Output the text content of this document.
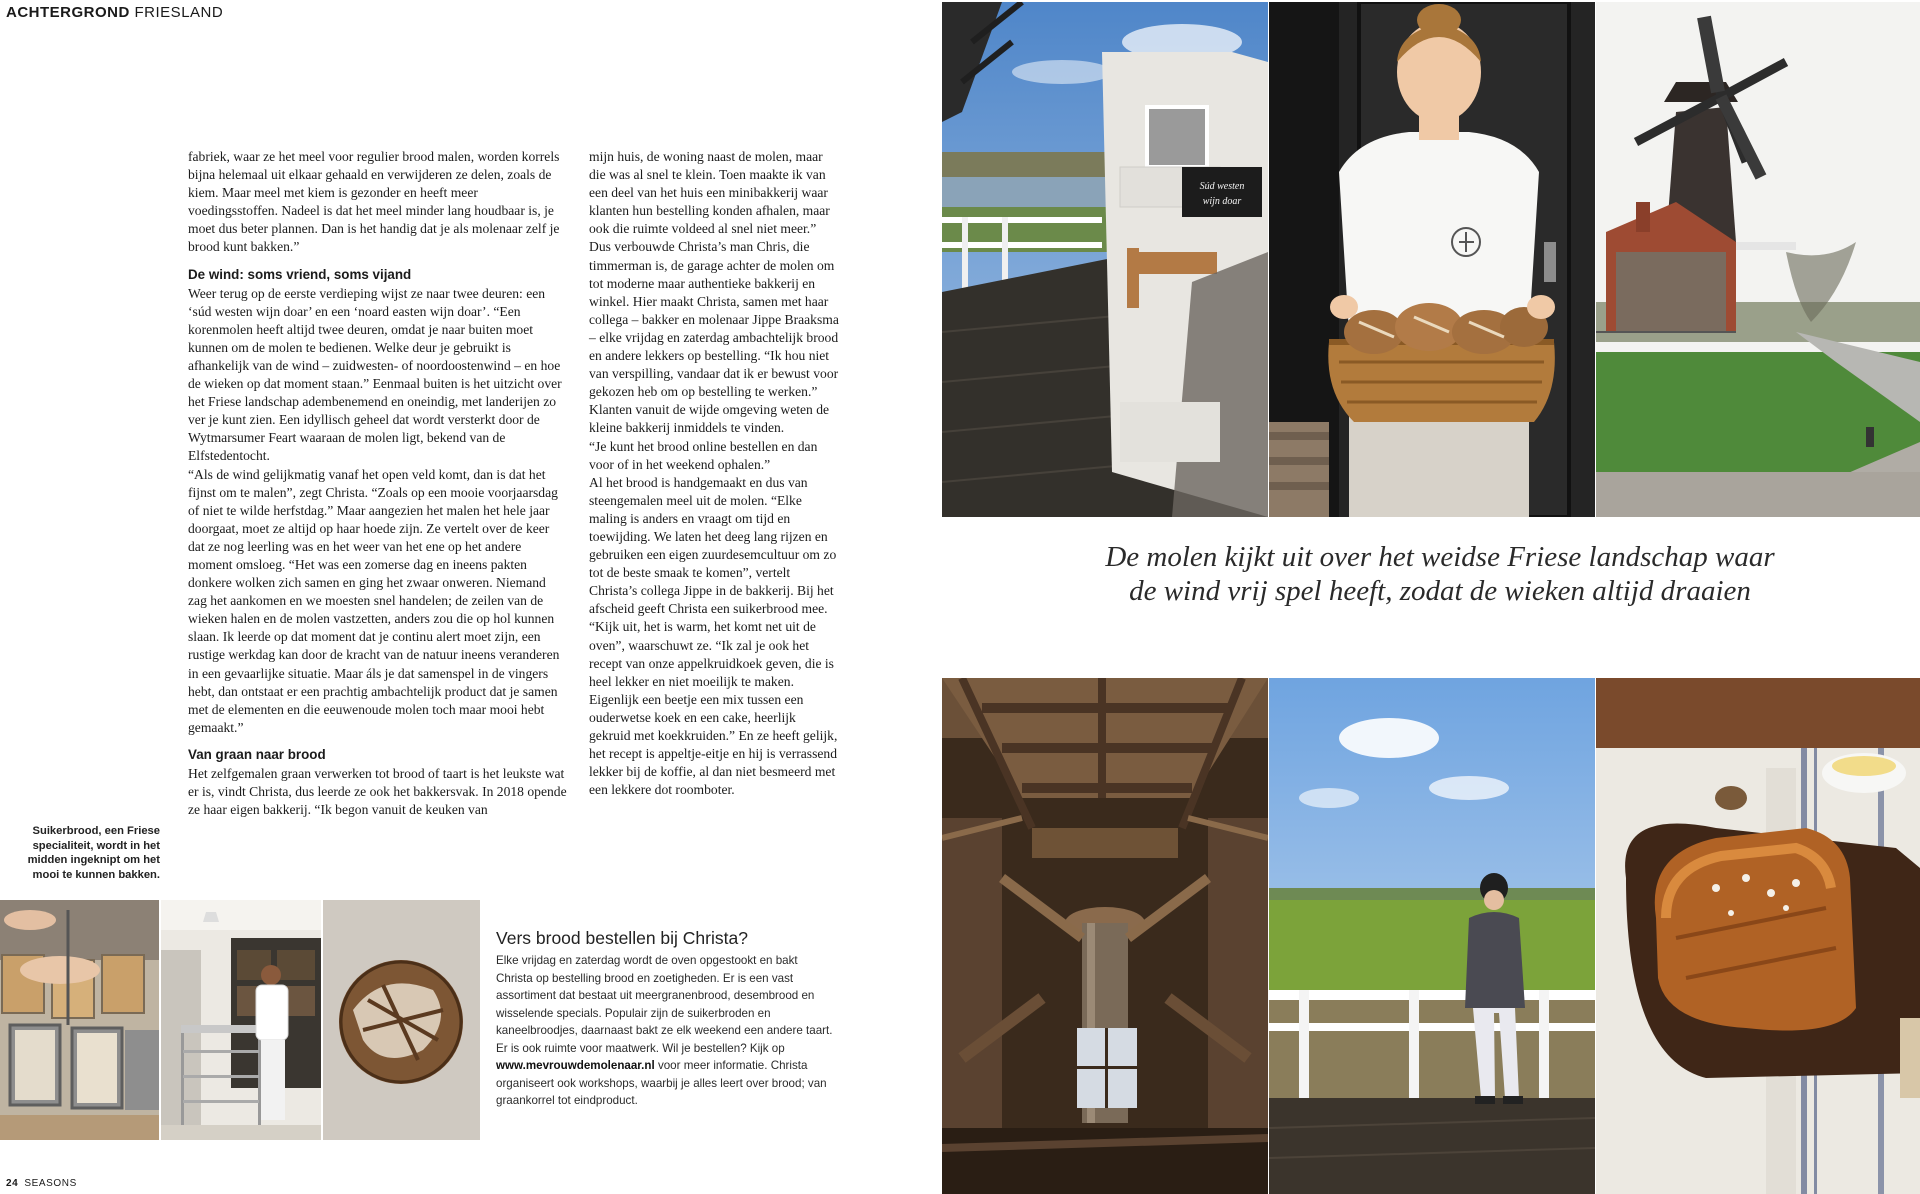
ACHTERGROND FRIESLAND

fabriek, waar ze het meel voor regulier brood malen, worden korrels bijna helemaal uit elkaar gehaald en verwijderen ze delen, zoals de kiem. Maar meel met kiem is gezonder en heeft meer voedingsstoffen. Nadeel is dat het meel minder lang houdbaar is, je moet dus beter plannen. Dan is het handig dat je als molenaar zelf je brood kunt bakken.”

De wind: soms vriend, soms vijand

Weer terug op de eerste verdieping wijst ze naar twee deuren: een ‘súd westen wijn doar’ en een ‘noard easten wijn doar’. “Een korenmolen heeft altijd twee deuren, omdat je naar buiten moet kunnen om de molen te bedienen. Welke deur je gebruikt is afhankelijk van de wind – zuidwesten- of noordoostenwind – en hoe de wieken op dat moment staan.” Eenmaal buiten is het uitzicht over het Friese landschap adembenemend en oneindig, met landerijen zo ver je kunt zien. Een idyllisch geheel dat wordt versterkt door de Wytmarsumer Feart waaraan de molen ligt, bekend van de Elfstedentocht.

“Als de wind gelijkmatig vanaf het open veld komt, dan is dat het fijnst om te malen”, zegt Christa. “Zoals op een mooie voorjaarsdag of niet te wilde herfstdag.” Maar aangezien het malen het hele jaar doorgaat, moet ze altijd op haar hoede zijn. Ze vertelt over de keer dat ze nog leerling was en het weer van het ene op het andere moment omsloeg. “Het was een zomerse dag en ineens pakten donkere wolken zich samen en ging het zwaar onweren. Niemand zag het aankomen en we moesten snel handelen; de zeilen van de wieken halen en de molen vastzetten, anders zou die op hol kunnen slaan. Ik leerde op dat moment dat je continu alert moet zijn, een rustige werkdag kan door de kracht van de natuur ineens veranderen in een gevaarlijke situatie. Maar áls je dat samenspel in de vingers hebt, dan ontstaat er een prachtig ambachtelijk product dat je samen met de elementen en die eeuwenoude molen toch maar mooi hebt gemaakt.”

Van graan naar brood

Het zelfgemalen graan verwerken tot brood of taart is het leukste wat er is, vindt Christa, dus leerde ze ook het bakkersvak. In 2018 opende ze haar eigen bakkerij. “Ik begon vanuit de keuken van

mijn huis, de woning naast de molen, maar die was al snel te klein. Toen maakte ik van een deel van het huis een minibakkerij waar klanten hun bestelling konden afhalen, maar ook die ruimte voldeed al snel niet meer.” Dus verbouwde Christa’s man Chris, die timmerman is, de garage achter de molen om tot moderne maar authentieke bakkerij en winkel. Hier maakt Christa, samen met haar collega – bakker en molenaar Jippe Braaksma – elke vrijdag en zaterdag ambachtelijk brood en andere lekkers op bestelling. “Ik hou niet van verspilling, vandaar dat ik er bewust voor gekozen heb om op bestelling te werken.” Klanten vanuit de wijde omgeving weten de kleine bakkerij inmiddels te vinden.

“Je kunt het brood online bestellen en dan voor of in het weekend ophalen.”

Al het brood is handgemaakt en dus van steengemalen meel uit de molen. “Elke maling is anders en vraagt om tijd en toewijding. We laten het deeg lang rijzen en gebruiken een eigen zuurdesemcultuur om zo tot de beste smaak te komen”, vertelt Christa’s collega Jippe in de bakkerij. Bij het afscheid geeft Christa een suikerbrood mee. “Kijk uit, het is warm, het komt net uit de oven”, waarschuwt ze. “Ik zal je ook het recept van onze appelkruidkoek geven, die is heel lekker en niet moeilijk te maken. Eigenlijk een beetje een mix tussen een ouderwetse koek en een cake, heerlijk gekruid met koekkruiden.” En ze heeft gelijk, het recept is appeltje-eitje en hij is verrassend lekker bij de koffie, al dan niet besmeerd met een lekkere dot roomboter.

Suikerbrood, een Friese specialiteit, wordt in het midden ingeknipt om het mooi te kunnen bakken.
Vers brood bestellen bij Christa?
Elke vrijdag en zaterdag wordt de oven opgestookt en bakt Christa op bestelling brood en zoetigheden. Er is een vast assortiment dat bestaat uit meergranenbrood, desembrood en wisselende specials. Populair zijn de suikerbroden en kaneelbroodjes, daarnaast bakt ze elk weekend een andere taart. Er is ook ruimte voor maatwerk. Wil je bestellen? Kijk op www.mevrouwdemolenaar.nl voor meer informatie. Christa organiseert ook workshops, waarbij je alles leert over brood; van graankorrel tot eindproduct.
24 SEASONS
Súd westen
wijn doar
De molen kijkt uit over het weidse Friese landschap waar
de wind vrij spel heeft, zodat de wieken altijd draaien
